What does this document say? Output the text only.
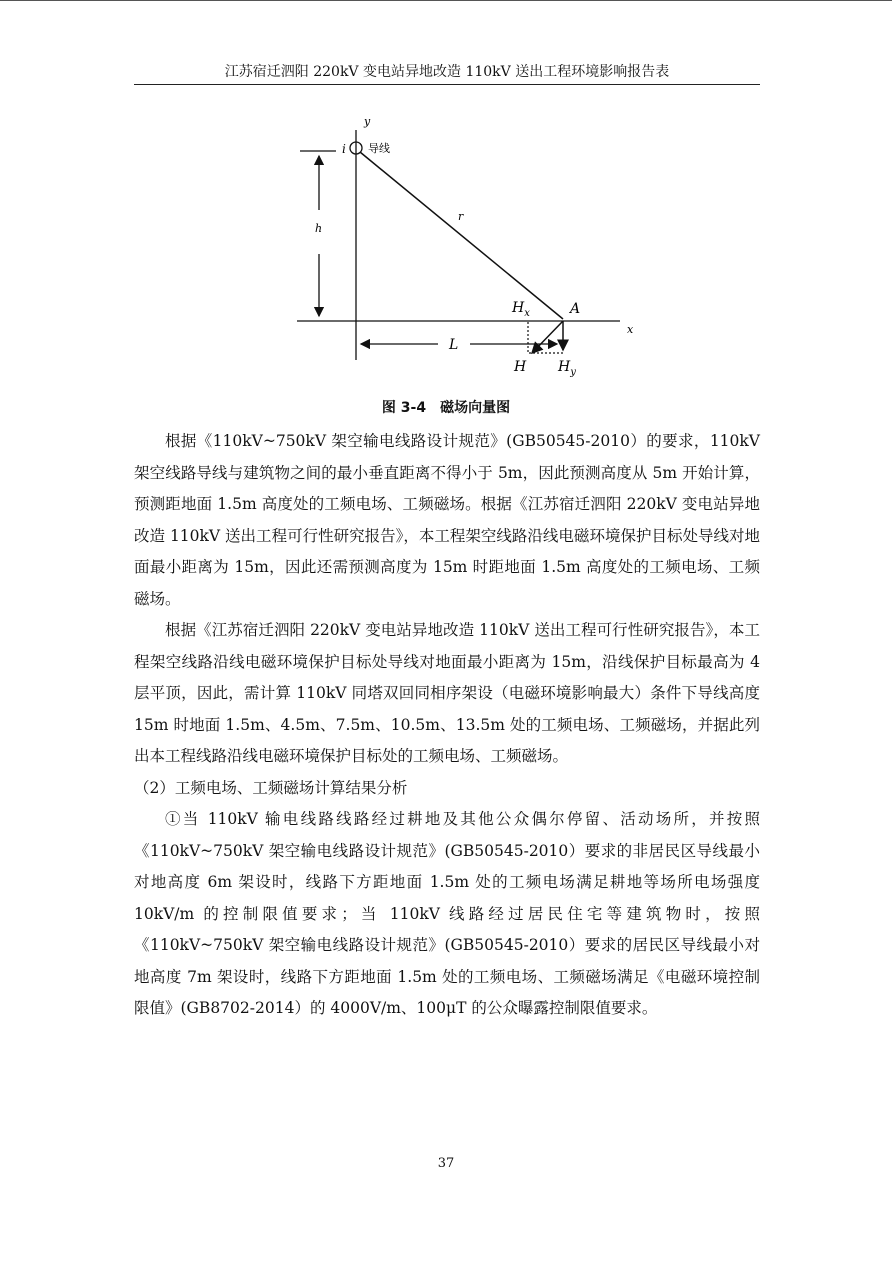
江苏宿迁泗阳 220kV 变电站异地改造 110kV 送出工程环境影响报告表
y
x
i 导线
h
r
$H_x$	A
L
H $H_y$
图 3-4　磁场向量图

根据《110kV~750kV 架空输电线路设计规范》(GB50545-2010）的要求，110kV 架空线路导线与建筑物之间的最小垂直距离不得小于 5m，因此预测高度从 5m 开始计算，预测距地面 1.5m 高度处的工频电场、工频磁场。根据《江苏宿迁泗阳 220kV 变电站异地改造 110kV 送出工程可行性研究报告》，本工程架空线路沿线电磁环境保护目标处导线对地面最小距离为 15m，因此还需预测高度为 15m 时距地面 1.5m 高度处的工频电场、工频磁场。

根据《江苏宿迁泗阳 220kV 变电站异地改造 110kV 送出工程可行性研究报告》，本工程架空线路沿线电磁环境保护目标处导线对地面最小距离为 15m，沿线保护目标最高为 4 层平顶，因此，需计算 110kV 同塔双回同相序架设（电磁环境影响最大）条件下导线高度 15m 时地面 1.5m、4.5m、7.5m、10.5m、13.5m 处的工频电场、工频磁场，并据此列出本工程线路沿线电磁环境保护目标处的工频电场、工频磁场。

（2）工频电场、工频磁场计算结果分析

①当 110kV 输电线路线路经过耕地及其他公众偶尔停留、活动场所，并按照《110kV~750kV 架空输电线路设计规范》(GB50545-2010）要求的非居民区导线最小对地高度 6m 架设时，线路下方距地面 1.5m 处的工频电场满足耕地等场所电场强度 10kV/m 的控制限值要求；当 110kV 线路经过居民住宅等建筑物时，按照《110kV~750kV 架空输电线路设计规范》(GB50545-2010）要求的居民区导线最小对地高度 7m 架设时，线路下方距地面 1.5m 处的工频电场、工频磁场满足《电磁环境控制限值》(GB8702-2014）的 4000V/m、100μT 的公众曝露控制限值要求。

37
